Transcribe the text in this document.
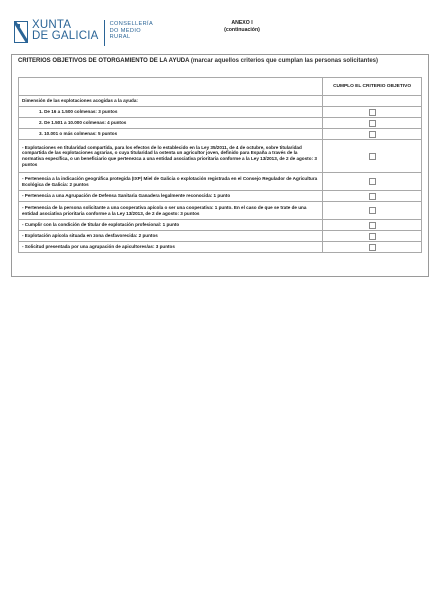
XUNTA
DE GALICIA
CONSELLERÍA
DO MEDIO
RURAL
ANEXO I
(continuación)
CRITERIOS OBJETIVOS DE OTORGAMIENTO DE LA AYUDA (marcar aquellos criterios que cumplan las personas solicitantes)
	CUMPLO EL CRITERIO OBJETIVO
Dimensión de las explotaciones acogidas a la ayuda:	
1. De 16 a 1.500 colmenas: 3 puntos	
2. De 1.501 a 10.000 colmenas: 4 puntos	
3. 10.001 o más colmenas: 5 puntos	
- Explotaciones en titularidad compartida, para los efectos de lo establecido en la Ley 35/2011, de 4 de octubre, sobre titularidad compartida de las explotaciones agrarias, o cuya titularidad la ostenta un agricultor joven, definido para España a través de la normativa específica, o un beneficiario que pertenezca a una entidad asociativa prioritaria conforme a la Ley 13/2013, de 2 de agosto: 3 puntos	
- Pertenencia a la indicación geográfica protegida (IXP) Miel de Galicia o explotación registrada en el Consejo Regulador de Agricultura Ecológica de Galicia: 2 puntos	
- Pertenencia a una Agrupación de Defensa Sanitaria Ganadera legalmente reconocida: 1 punto	
- Pertenencia de la persona solicitante a una cooperativa apícola o ser una cooperativa: 1 punto. En el caso de que se trate de una entidad asociativa prioritaria conforme a la Ley 13/2013, de 2 de agosto: 3 puntos	
- Cumplir con la condición de titular de explotación profesional: 1 punto	
- Explotación apícola situada en zona desfavorecida: 2 puntos	
- Solicitud presentada por una agrupación de apicultores/as: 3 puntos	
